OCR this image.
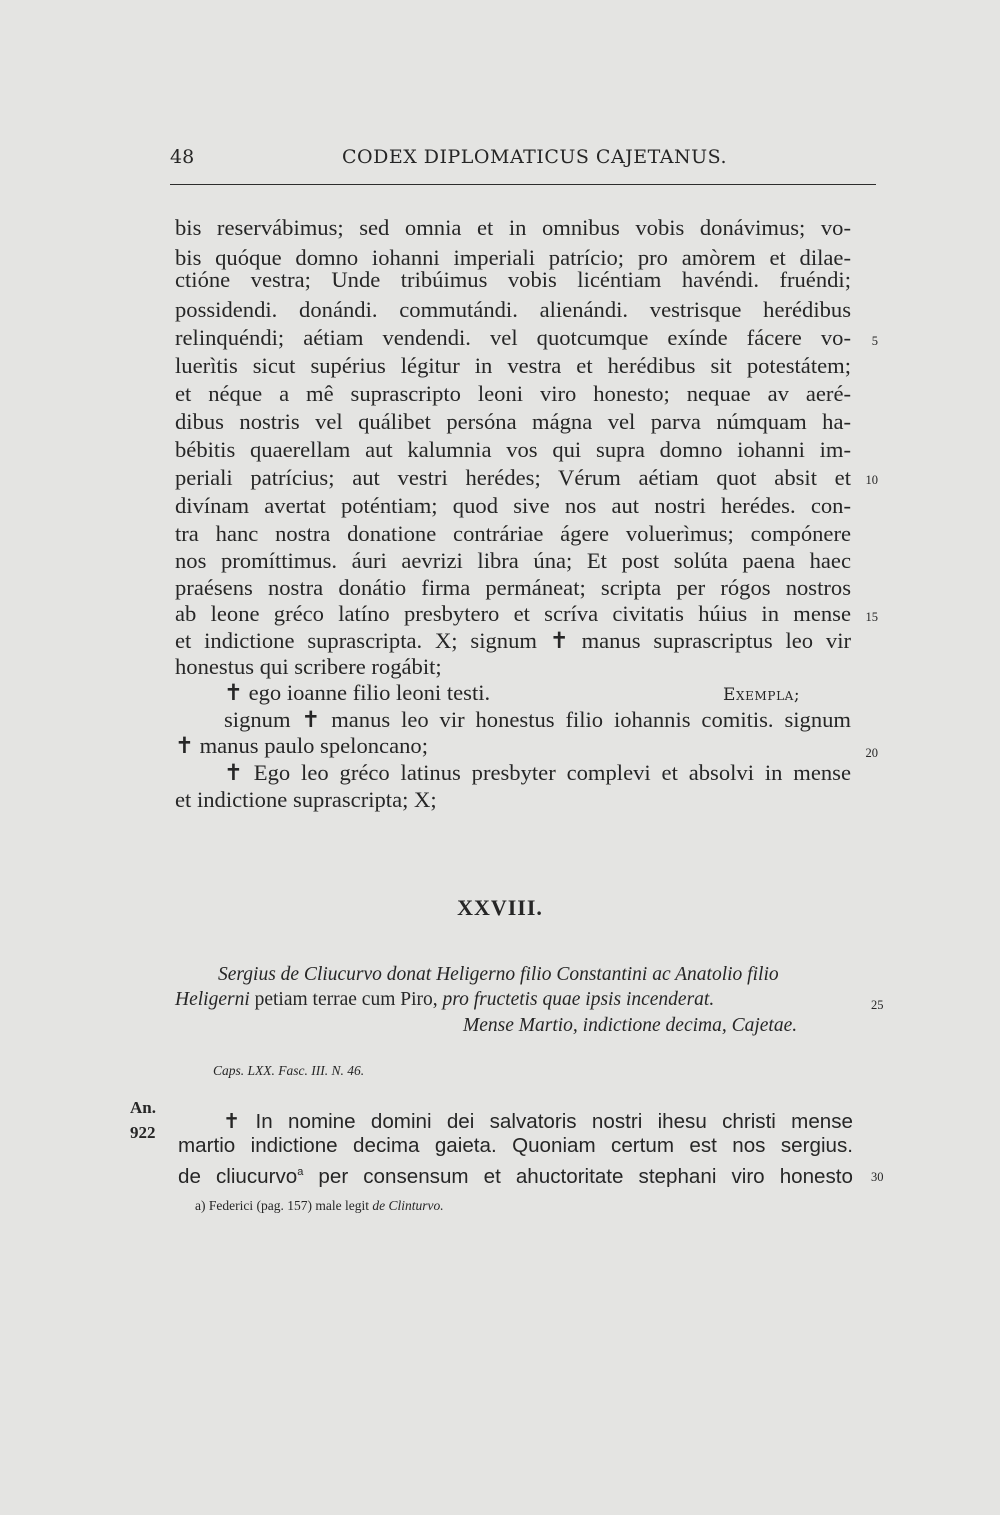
48	CODEX DIPLOMATICUS CAJETANUS.
bis reservábimus; sed omnia et in omnibus vobis donávimus; vo-
bis quóque domno iohanni imperiali patrício; pro amòrem et dilae-
ctióne vestra; Unde tribúimus vobis licéntiam havéndi. fruéndi;
possidendi. donándi. commutándi. alienándi. vestrisque herédibus
relinquéndi; aétiam vendendi. vel quotcumque exínde fácere vo-
luerìtis sicut supérius légitur in vestra et herédibus sit potestátem;
et néque a mê suprascripto leoni viro honesto; nequae av aeré-
dibus nostris vel quálibet persóna mágna vel parva númquam ha-
bébitis quaerellam aut kalumnia vos qui supra domno iohanni im-
periali patrícius; aut vestri herédes; Vérum aétiam quot absit et
divínam avertat poténtiam; quod sive nos aut nostri herédes. con-
tra hanc nostra donatione contráriae ágere voluerìmus; compónere
nos promíttimus. áuri aevrizi libra úna; Et post solúta paena haec
praésens nostra donátio firma permáneat; scripta per rógos nostros
ab leone gréco latíno presbytero et scríva civitatis húius in mense
et indictione suprascripta. X; signum ✝ manus suprascriptus leo vir
honestus qui scribere rogábit;
✝ ego ioanne filio leoni testi.	Exempla;
signum ✝ manus leo vir honestus filio iohannis comitis. signum
✝ manus paulo speloncano;
✝ Ego leo gréco latinus presbyter complevi et absolvi in mense
et indictione suprascripta; X;
5
10
15
20
XXVIII.
Sergius de Cliucurvo donat Heligerno filio Constantini ac Anatolio filio
Heligerni petiam terrae cum Piro, pro fructetis quae ipsis incenderat.
Mense Martio, indictione decima, Cajetae.
25
Caps. LXX. Fasc. III. N. 46.
An.
922	✝ In nomine domini dei salvatoris nostri ihesu christi mense
martio indictione decima gaieta. Quoniam certum est nos sergius.
de cliucurvo$^a$ per consensum et ahuctoritate stephani viro honesto 30
a) Federici (pag. 157) male legit de Clinturvo.
